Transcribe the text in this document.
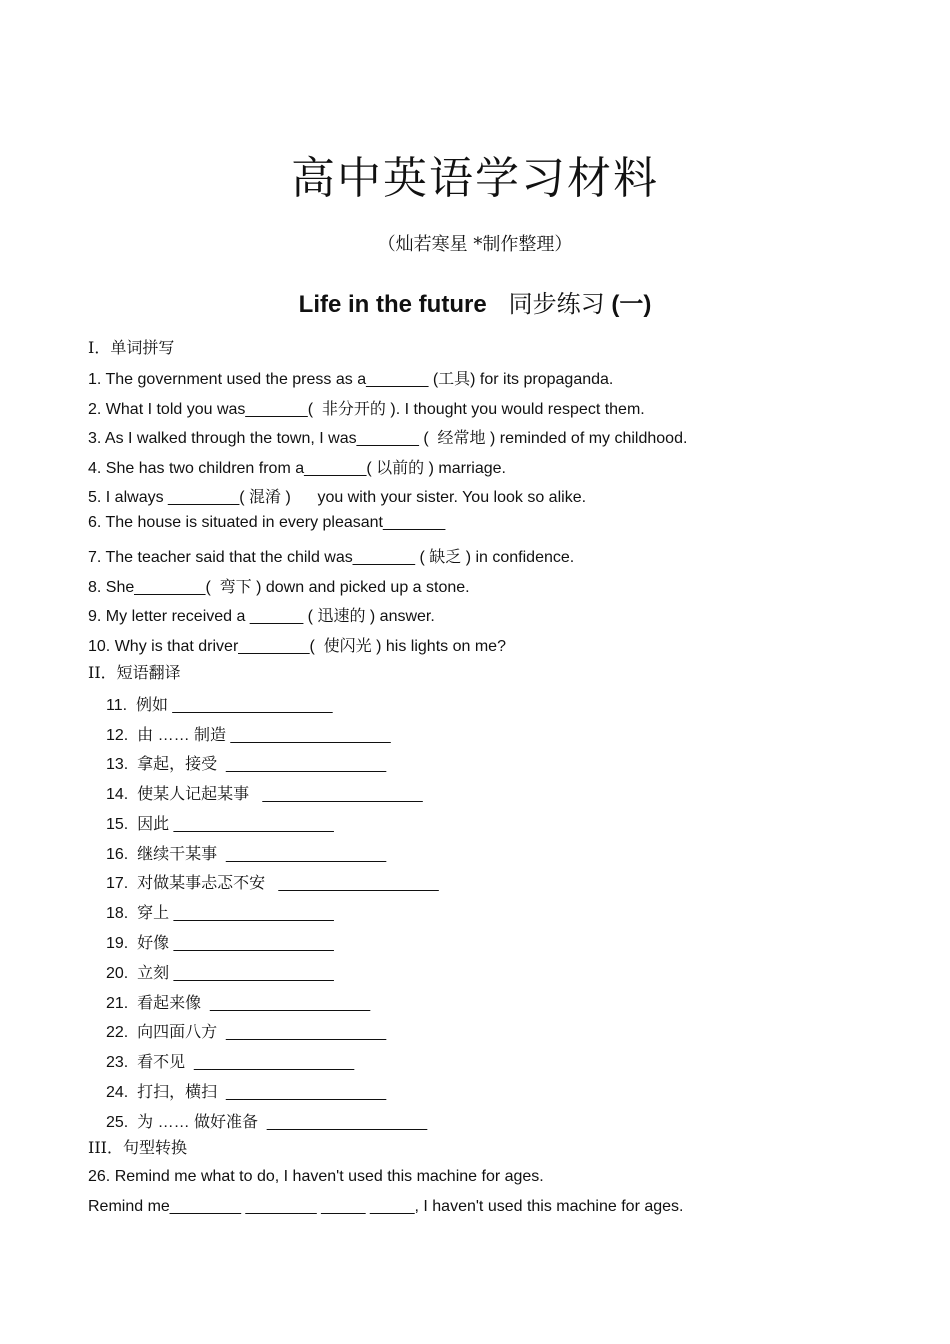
高中英语学习材料
（灿若寒星 *制作整理）
Life in the future 同步练习 (一)
I．单词拼写
1. The government used the press as a_______ (工具) for its propaganda.
2. What I told you was_______(  非分开的 ). I thought you would respect them.
3. As I walked through the town, I was_______ (  经常地 ) reminded of my childhood.
4. She has two children from a_______( 以前的 ) marriage.
5. I always ________( 混淆 )      you with your sister. You look so alike.
6. The house is situated in every pleasant_______
7. The teacher said that the child was_______ ( 缺乏 ) in confidence.
8. She________(  弯下 ) down and picked up a stone.
9. My letter received a ______ ( 迅速的 ) answer.
10. Why is that driver________(  使闪光 ) his lights on me?
II．短语翻译
11.  例如 __________________
12.  由 …… 制造 __________________
13.  拿起，接受  __________________
14.  使某人记起某事   __________________
15.  因此 __________________
16.  继续干某事  __________________
17.  对做某事忐忑不安   __________________
18.  穿上 __________________
19.  好像 __________________
20.  立刻 __________________
21.  看起来像  __________________
22.  向四面八方  __________________
23.  看不见  __________________
24.  打扫，横扫  __________________
25.  为 …… 做好准备  __________________
III．句型转换
26. Remind me what to do, I haven't used this machine for ages.
Remind me________ ________ _____ _____, I haven't used this machine for ages.
